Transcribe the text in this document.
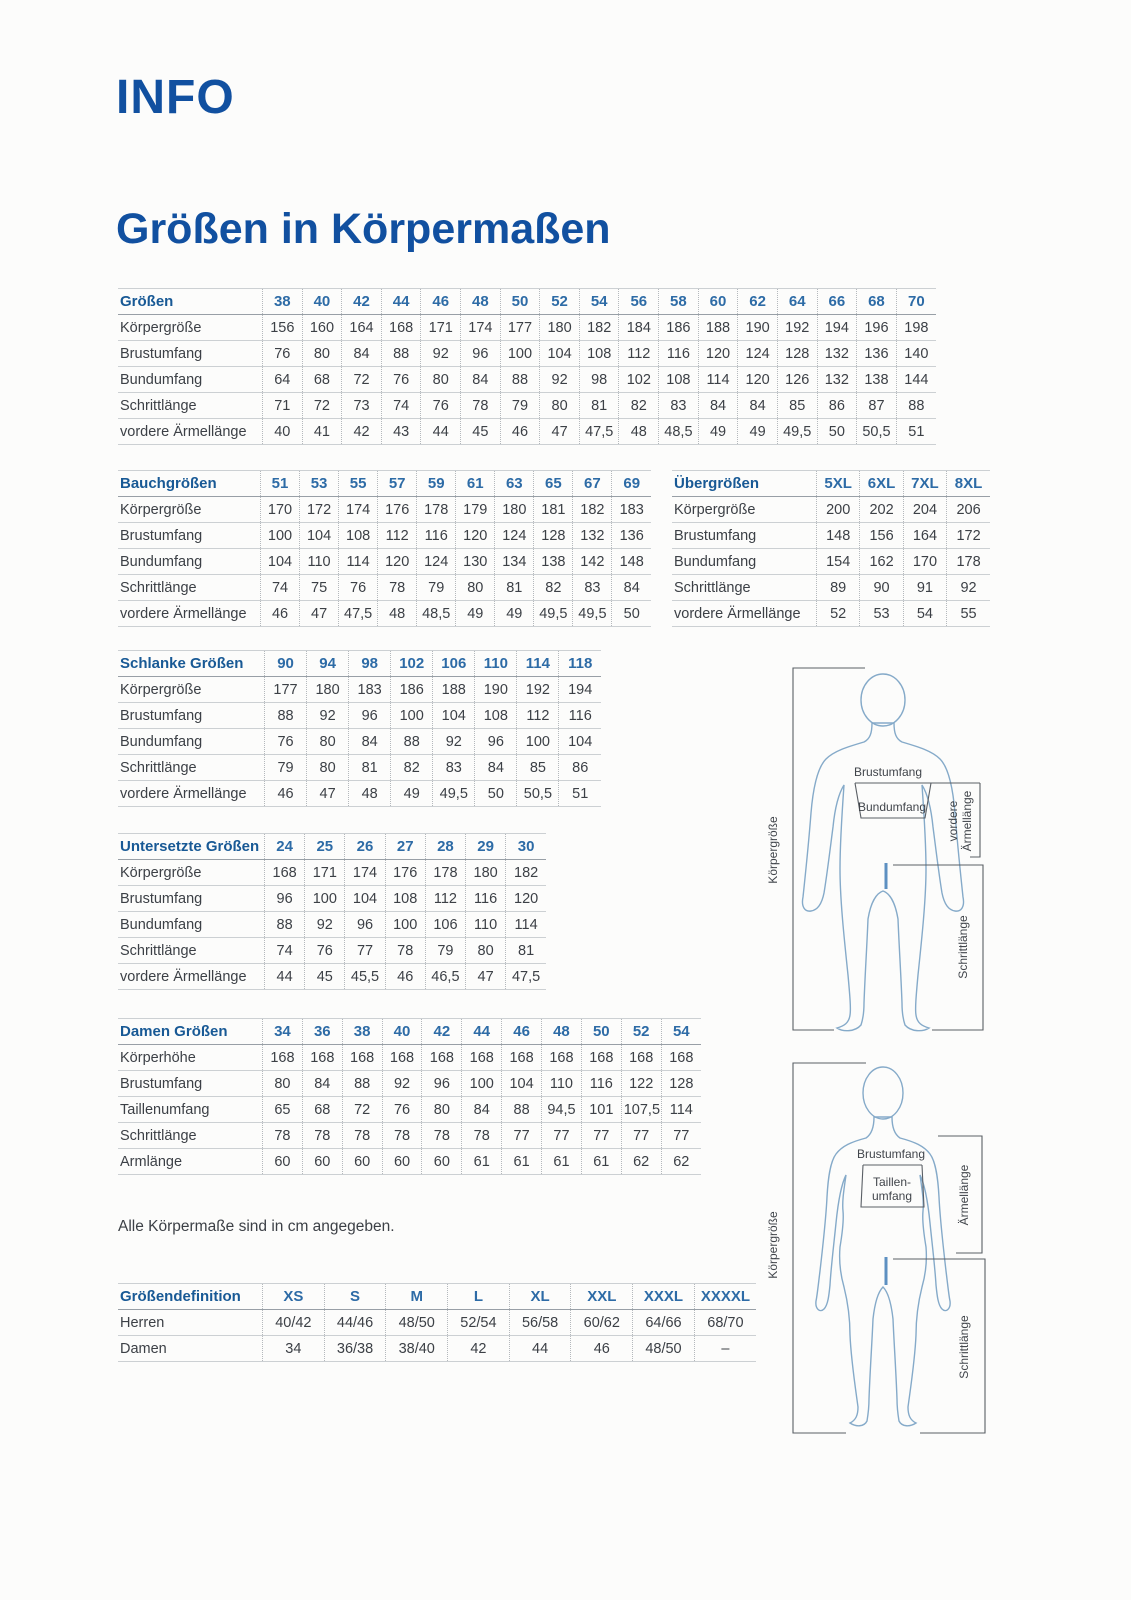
INFO
Größen in Körpermaßen
Größen	38	40	42	44	46	48	50	52	54	56	58	60	62	64	66	68	70
Körpergröße	156	160	164	168	171	174	177	180	182	184	186	188	190	192	194	196	198
Brustumfang	76	80	84	88	92	96	100	104	108	112	116	120	124	128	132	136	140
Bundumfang	64	68	72	76	80	84	88	92	98	102	108	114	120	126	132	138	144
Schrittlänge	71	72	73	74	76	78	79	80	81	82	83	84	84	85	86	87	88
vordere Ärmellänge	40	41	42	43	44	45	46	47	47,5	48	48,5	49	49	49,5	50	50,5	51
Bauchgrößen	51	53	55	57	59	61	63	65	67	69
Körpergröße	170	172	174	176	178	179	180	181	182	183
Brustumfang	100	104	108	112	116	120	124	128	132	136
Bundumfang	104	110	114	120	124	130	134	138	142	148
Schrittlänge	74	75	76	78	79	80	81	82	83	84
vordere Ärmellänge	46	47	47,5	48	48,5	49	49	49,5	49,5	50
Übergrößen	5XL	6XL	7XL	8XL
Körpergröße	200	202	204	206
Brustumfang	148	156	164	172
Bundumfang	154	162	170	178
Schrittlänge	89	90	91	92
vordere Ärmellänge	52	53	54	55
Schlanke Größen	90	94	98	102	106	110	114	118
Körpergröße	177	180	183	186	188	190	192	194
Brustumfang	88	92	96	100	104	108	112	116
Bundumfang	76	80	84	88	92	96	100	104
Schrittlänge	79	80	81	82	83	84	85	86
vordere Ärmellänge	46	47	48	49	49,5	50	50,5	51
Untersetzte Größen	24	25	26	27	28	29	30
Körpergröße	168	171	174	176	178	180	182
Brustumfang	96	100	104	108	112	116	120
Bundumfang	88	92	96	100	106	110	114
Schrittlänge	74	76	77	78	79	80	81
vordere Ärmellänge	44	45	45,5	46	46,5	47	47,5
Damen Größen	34	36	38	40	42	44	46	48	50	52	54
Körperhöhe	168	168	168	168	168	168	168	168	168	168	168
Brustumfang	80	84	88	92	96	100	104	110	116	122	128
Taillenumfang	65	68	72	76	80	84	88	94,5	101	107,5	114
Schrittlänge	78	78	78	78	78	78	77	77	77	77	77
Armlänge	60	60	60	60	60	61	61	61	61	62	62
Alle Körpermaße sind in cm angegeben.
Größendefinition	XS	S	M	L	XL	XXL	XXXL	XXXXL
Herren	40/42	44/46	48/50	52/54	56/58	60/62	64/66	68/70
Damen	34	36/38	38/40	42	44	46	48/50	–
Körpergröße
Brustumfang
Bundumfang vordere Ärmellänge
Schrittlänge
Körpergröße
Brustumfang
Taillen-
umfang	Ärmellänge
Schrittlänge
